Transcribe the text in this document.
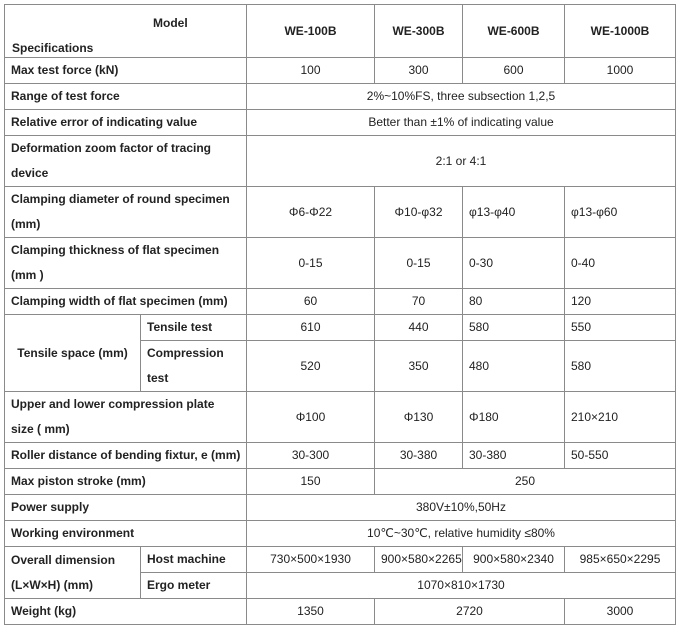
Model
Specifications		WE-100B	WE-300B	WE-600B	WE-1000B	
Max test force (kN)		100	300	600	1000	
Range of test force		2%~10%FS, three subsection 1,2,5				
Relative error of indicating value		Better than ±1% of indicating value				
Deformation zoom factor of tracing device		2:1 or 4:1				
Clamping diameter of round specimen (mm)		Φ6-Φ22	Φ10-φ32	φ13-φ40	φ13-φ60	
Clamping thickness of flat specimen (mm )		0-15	0-15	0-30	0-40	
Clamping width of flat specimen (mm)		60	70	80	120	
Tensile space (mm)	Tensile test	610	440	580	550	
	Compression test	520	350	480	580	
Upper and lower compression plate size ( mm)		Φ100	Φ130	Φ180	210×210	
Roller distance of bending fixtur, e (mm)		30-300	30-380	30-380	50-550	
Max piston stroke (mm)		150	250			
Power supply		380V±10%,50Hz				
Working environment		10℃~30℃, relative humidity ≤80%				
Overall dimension (L×W×H) (mm)	Host machine	730×500×1930	900×580×2265	900×580×2340	985×650×2295	
	Ergo meter	1070×810×1730				
Weight (kg)		1350	2720		3000	
